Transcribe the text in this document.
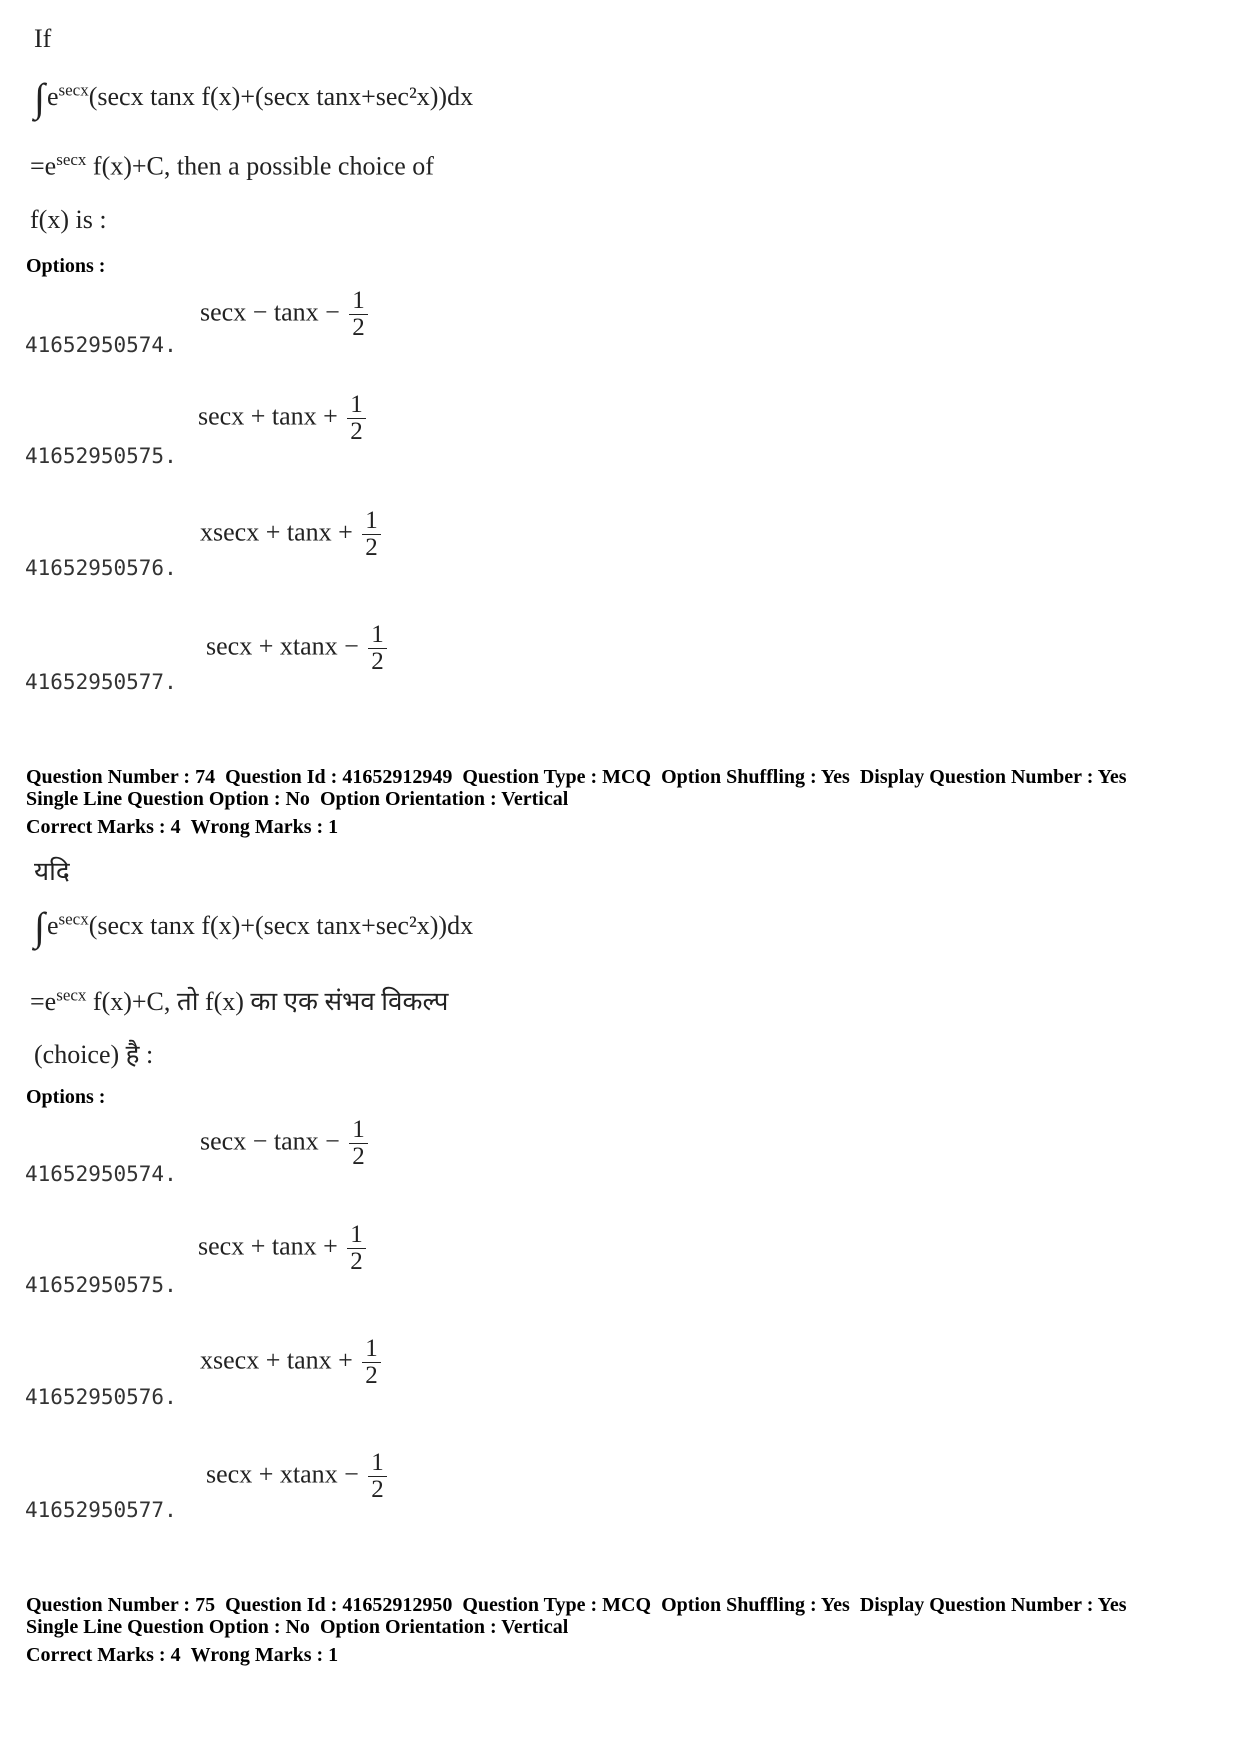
If
$\int e^{secx}(\sec x$ tanx f(x)+(secx tanx+sec²x))dx
$=e^{secx}$ f(x)+C, then a possible choice of
f(x) is :
Options :
41652950574.
$\sec x - \tan x - \frac{1}{2}$
41652950575.
$\sec x + \tan x + \frac{1}{2}$
41652950576.
$xsecx + \tan x + \frac{1}{2}$
41652950577.
$\sec x + xtanx - \frac{1}{2}$
Question Number : 74 Question Id : 41652912949 Question Type : MCQ Option Shuffling : Yes Display Question Number : Yes
Single Line Question Option : No Option Orientation : Vertical
Correct Marks : 4 Wrong Marks : 1
यदि
$\int e^{secx}(\sec x$ tanx f(x)+(secx tanx+sec²x))dx
$=e^{secx}$ f(x)+C, तो f(x) का एक संभव विकल्प
(choice) है :
Options :
41652950574.
$\sec x - \tan x - \frac{1}{2}$
41652950575.
$\sec x + \tan x + \frac{1}{2}$
41652950576.
$xsecx + \tan x + \frac{1}{2}$
41652950577.
$\sec x + xtanx - \frac{1}{2}$
Question Number : 75 Question Id : 41652912950 Question Type : MCQ Option Shuffling : Yes Display Question Number : Yes
Single Line Question Option : No Option Orientation : Vertical
Correct Marks : 4 Wrong Marks : 1
